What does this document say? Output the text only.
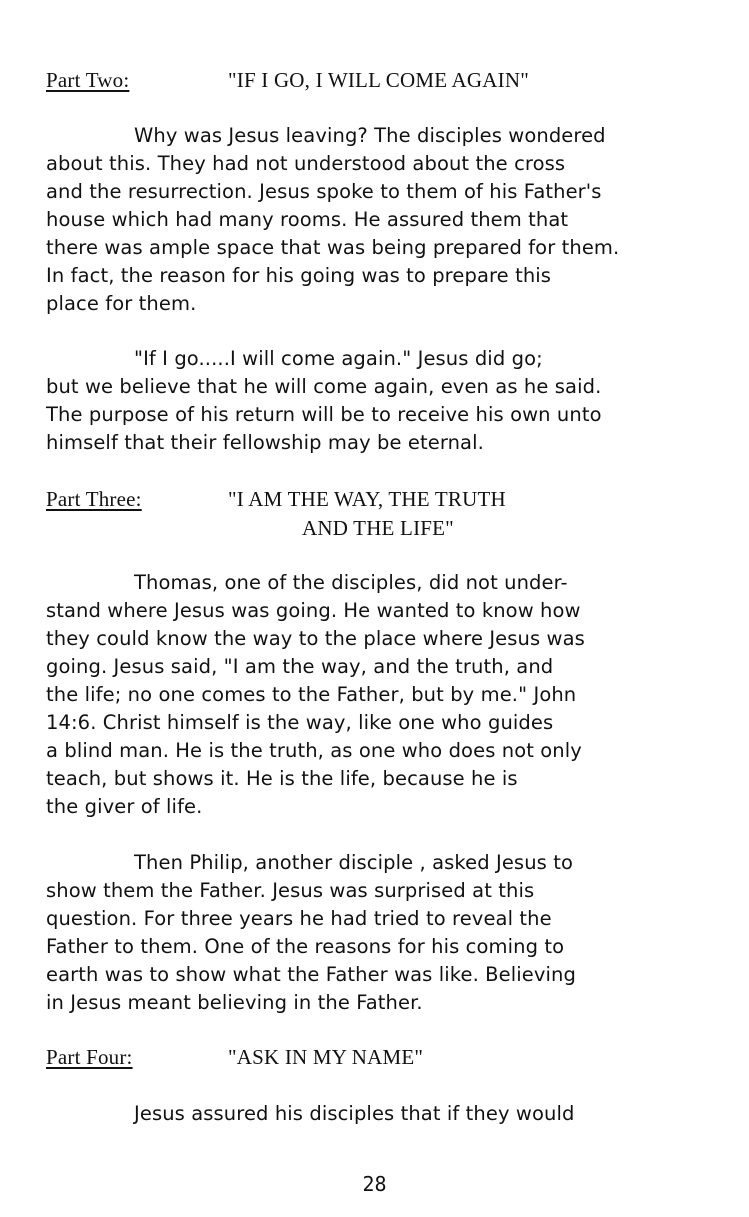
Part Two:	"IF I GO, I WILL COME AGAIN"
Why was Jesus leaving? The disciples wondered
about this. They had not understood about the cross
and the resurrection. Jesus spoke to them of his Father's
house which had many rooms. He assured them that
there was ample space that was being prepared for them.
In fact, the reason for his going was to prepare this
place for them.
"If I go.....I will come again." Jesus did go;
but we believe that he will come again, even as he said.
The purpose of his return will be to receive his own unto
himself that their fellowship may be eternal.
Part Three:	"I AM THE WAY, THE TRUTH
AND THE LIFE"
Thomas, one of the disciples, did not under-
stand where Jesus was going. He wanted to know how
they could know the way to the place where Jesus was
going. Jesus said, "I am the way, and the truth, and
the life; no one comes to the Father, but by me." John
14:6. Christ himself is the way, like one who guides
a blind man. He is the truth, as one who does not only
teach, but shows it. He is the life, because he is
the giver of life.
Then Philip, another disciple , asked Jesus to
show them the Father. Jesus was surprised at this
question. For three years he had tried to reveal the
Father to them. One of the reasons for his coming to
earth was to show what the Father was like. Believing
in Jesus meant believing in the Father.
Part Four:	"ASK IN MY NAME"
Jesus assured his disciples that if they would
28
